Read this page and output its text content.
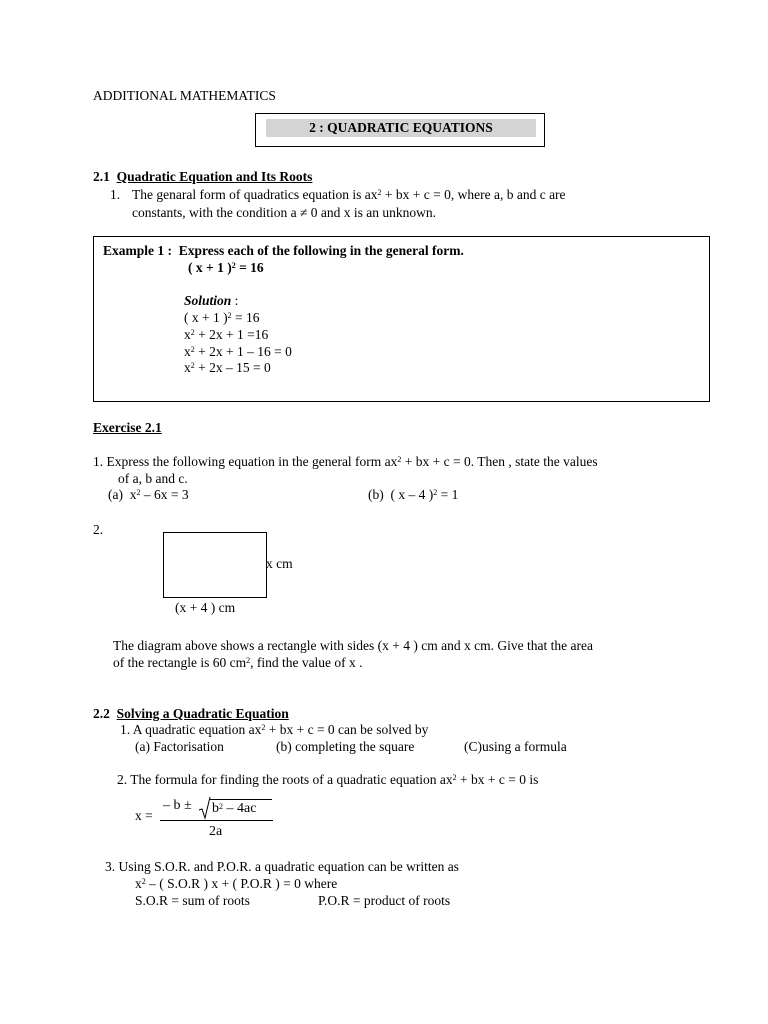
ADDITIONAL MATHEMATICS
2 : QUADRATIC EQUATIONS
2.1 Quadratic Equation and Its Roots
1. The genaral form of quadratics equation is $ax^2$ + bx + c = 0, where a, b and c are
constants, with the condition a ≠ 0 and x is an unknown.
Example 1 : Express each of the following in the general form.
( x + 1 )$^2$ = 16
Solution :
( x + 1 )$^2$ = 16
$x^2 + 2x + 1 =16$
$x^2 + 2x + 1 - 16 = 0$
$x^2 + 2x - 15 = 0$
Exercise 2.1
1. Express the following equation in the general form $ax^2$ + bx + c = 0. Then , state the values
of a, b and c.
(a) $x^2 - 6x = 3$	(b) ( x – 4 )$^2$ = 1
2.
x cm
(x + 4 ) cm
The diagram above shows a rectangle with sides (x + 4 ) cm and x cm. Give that the area
of the rectangle is 60 $cm^2$, find the value of x .
2.2 Solving a Quadratic Equation
1. A quadratic equation $ax^2$ + bx + c = 0 can be solved by
(a) Factorisation	(b) completing the square	(C)using a formula
2. The formula for finding the roots of a quadratic equation $ax^2$ + bx + c = 0 is
x =
– $b \pm b^2 - 4ac$
2a
3. Using S.O.R. and P.O.R. a quadratic equation can be written as
$x^2$ – ( S.O.R ) x + ( P.O.R ) = 0 where
S.O.R = sum of roots	P.O.R = product of roots
